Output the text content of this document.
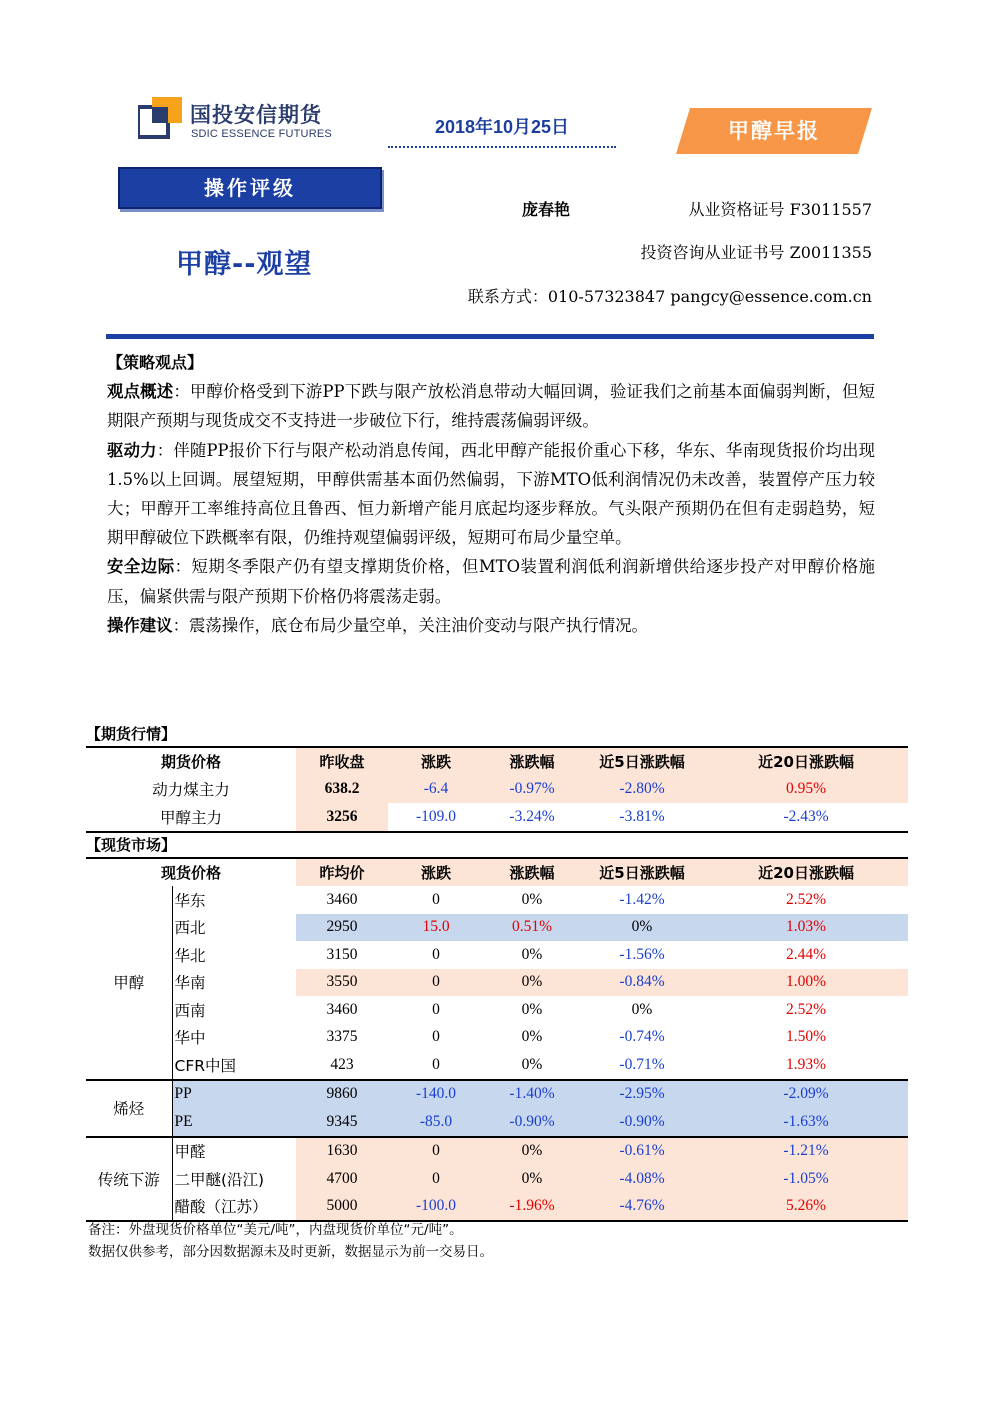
国投安信期货
SDIC ESSENCE FUTURES	2018年10月25日	甲醇早报
操作评级
甲醇--观望
庞春艳	从业资格证号 F3011557
投资咨询从业证书号 Z0011355
联系方式：010-57323847 pangcy@essence.com.cn
【策略观点】

观点概述：甲醇价格受到下游PP下跌与限产放松消息带动大幅回调，验证我们之前基本面偏弱判断，但短期限产预期与现货成交不支持进一步破位下行，维持震荡偏弱评级。

驱动力：伴随PP报价下行与限产松动消息传闻，西北甲醇产能报价重心下移，华东、华南现货报价均出现1.5%以上回调。展望短期，甲醇供需基本面仍然偏弱，下游MTO低利润情况仍未改善，装置停产压力较大；甲醇开工率维持高位且鲁西、恒力新增产能月底起均逐步释放。气头限产预期仍在但有走弱趋势，短期甲醇破位下跌概率有限，仍维持观望偏弱评级，短期可布局少量空单。

安全边际：短期冬季限产仍有望支撑期货价格，但MTO装置利润低利润新增供给逐步投产对甲醇价格施压，偏紧供需与限产预期下价格仍将震荡走弱。

操作建议：震荡操作，底仓布局少量空单，关注油价变动与限产执行情况。

【期货行情】
期货价格	昨收盘	涨跌	涨跌幅	近5日涨跌幅	近20日涨跌幅
动力煤主力	638.2	-6.4	-0.97%	-2.80%	0.95%
甲醇主力	3256	-109.0	-3.24%	-3.81%	-2.43%
【现货市场】
现货价格		昨均价	涨跌	涨跌幅	近5日涨跌幅	近20日涨跌幅
甲醇	华东	3460	0	0%	-1.42%	2.52%
	西北	2950	15.0	0.51%	0%	1.03%
	华北	3150	0	0%	-1.56%	2.44%
	华南	3550	0	0%	-0.84%	1.00%
	西南	3460	0	0%	0%	2.52%
	华中	3375	0	0%	-0.74%	1.50%
	CFR中国	423	0	0%	-0.71%	1.93%
烯烃	PP	9860	-140.0	-1.40%	-2.95%	-2.09%
	PE	9345	-85.0	-0.90%	-0.90%	-1.63%
传统下游	甲醛	1630	0	0%	-0.61%	-1.21%
	二甲醚(沿江)	4700	0	0%	-4.08%	-1.05%
	醋酸（江苏）	5000	-100.0	-1.96%	-4.76%	5.26%
备注：外盘现货价格单位“美元/吨”，内盘现货价单位“元/吨”。
数据仅供参考，部分因数据源未及时更新，数据显示为前一交易日。
